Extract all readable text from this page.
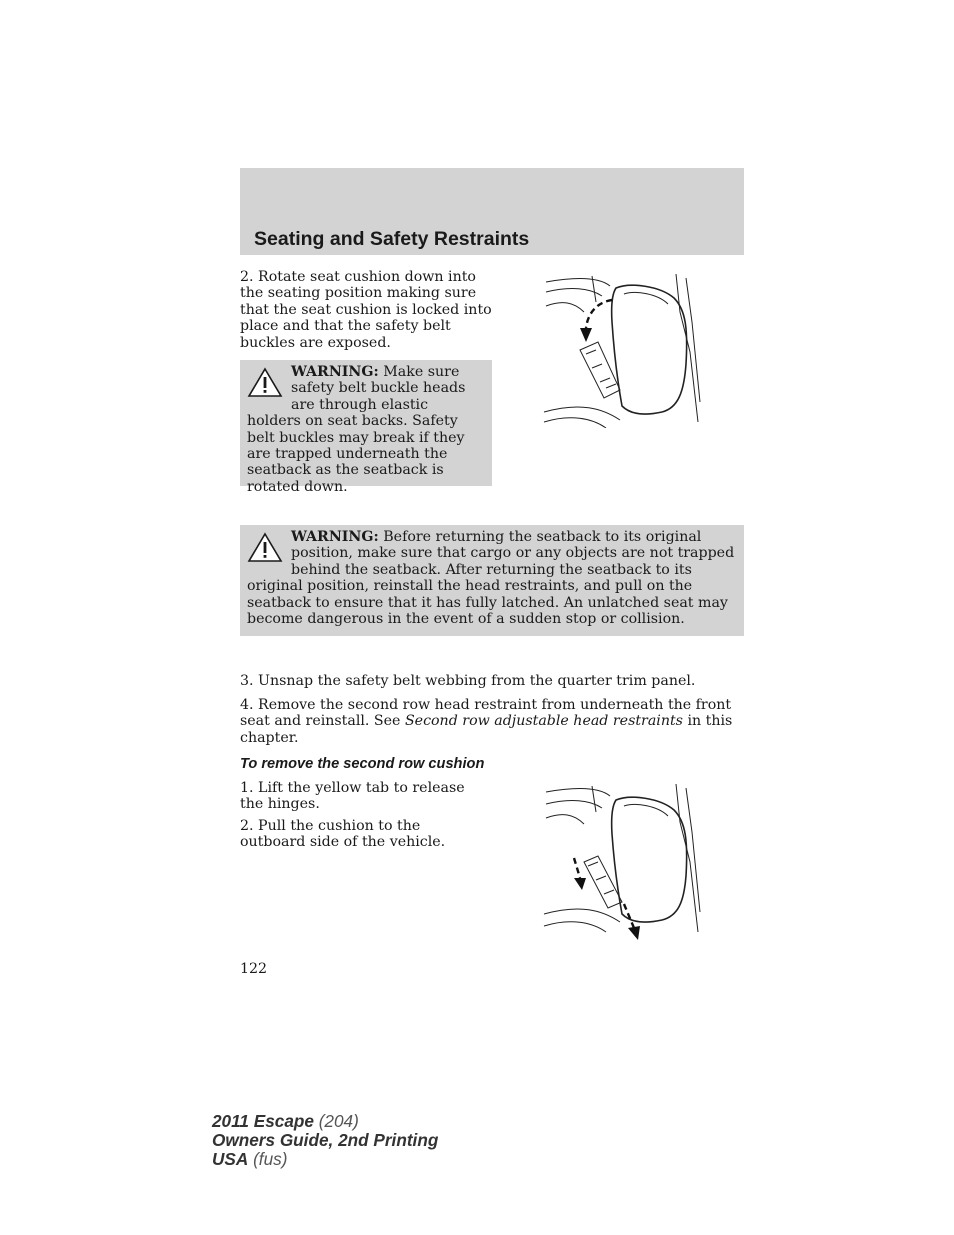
Seating and Safety Restraints

2. Rotate seat cushion down into the seating position making sure that the seat cushion is locked into place and that the safety belt buckles are exposed.

WARNING: Make sure safety belt buckle heads are through elastic holders on seat backs. Safety belt buckles may break if they are trapped underneath the seatback as the seatback is rotated down.
WARNING: Before returning the seatback to its original position, make sure that cargo or any objects are not trapped behind the seatback. After returning the seatback to its original position, reinstall the head restraints, and pull on the seatback to ensure that it has fully latched. An unlatched seat may become dangerous in the event of a sudden stop or collision.

3. Unsnap the safety belt webbing from the quarter trim panel.

4. Remove the second row head restraint from underneath the front seat and reinstall. See Second row adjustable head restraints in this chapter.

To remove the second row cushion

1. Lift the yellow tab to release the hinges.

2. Pull the cushion to the outboard side of the vehicle.

122
2011 Escape (204)
Owners Guide, 2nd Printing
USA (fus)
